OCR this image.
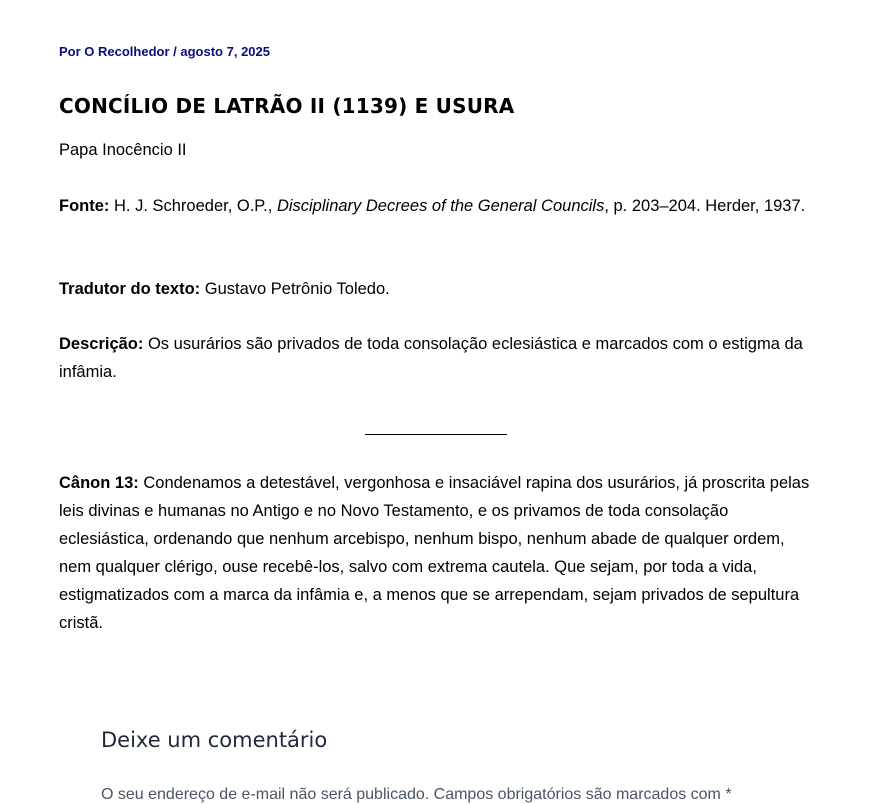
Por O Recolhedor / agosto 7, 2025
CONCÍLIO DE LATRÃO II (1139) E USURA

Papa Inocêncio II

Fonte: H. J. Schroeder, O.P., Disciplinary Decrees of the General Councils, p. 203–204. Herder, 1937.

Tradutor do texto: Gustavo Petrônio Toledo.

Descrição: Os usurários são privados de toda consolação eclesiástica e marcados com o estigma da infâmia.

Cânon 13: Condenamos a detestável, vergonhosa e insaciável rapina dos usurários, já proscrita pelas leis divinas e humanas no Antigo e no Novo Testamento, e os privamos de toda consolação eclesiástica, ordenando que nenhum arcebispo, nenhum bispo, nenhum abade de qualquer ordem, nem qualquer clérigo, ouse recebê-los, salvo com extrema cautela. Que sejam, por toda a vida, estigmatizados com a marca da infâmia e, a menos que se arrependam, sejam privados de sepultura cristã.

Deixe um comentário
O seu endereço de e-mail não será publicado. Campos obrigatórios são marcados com *
